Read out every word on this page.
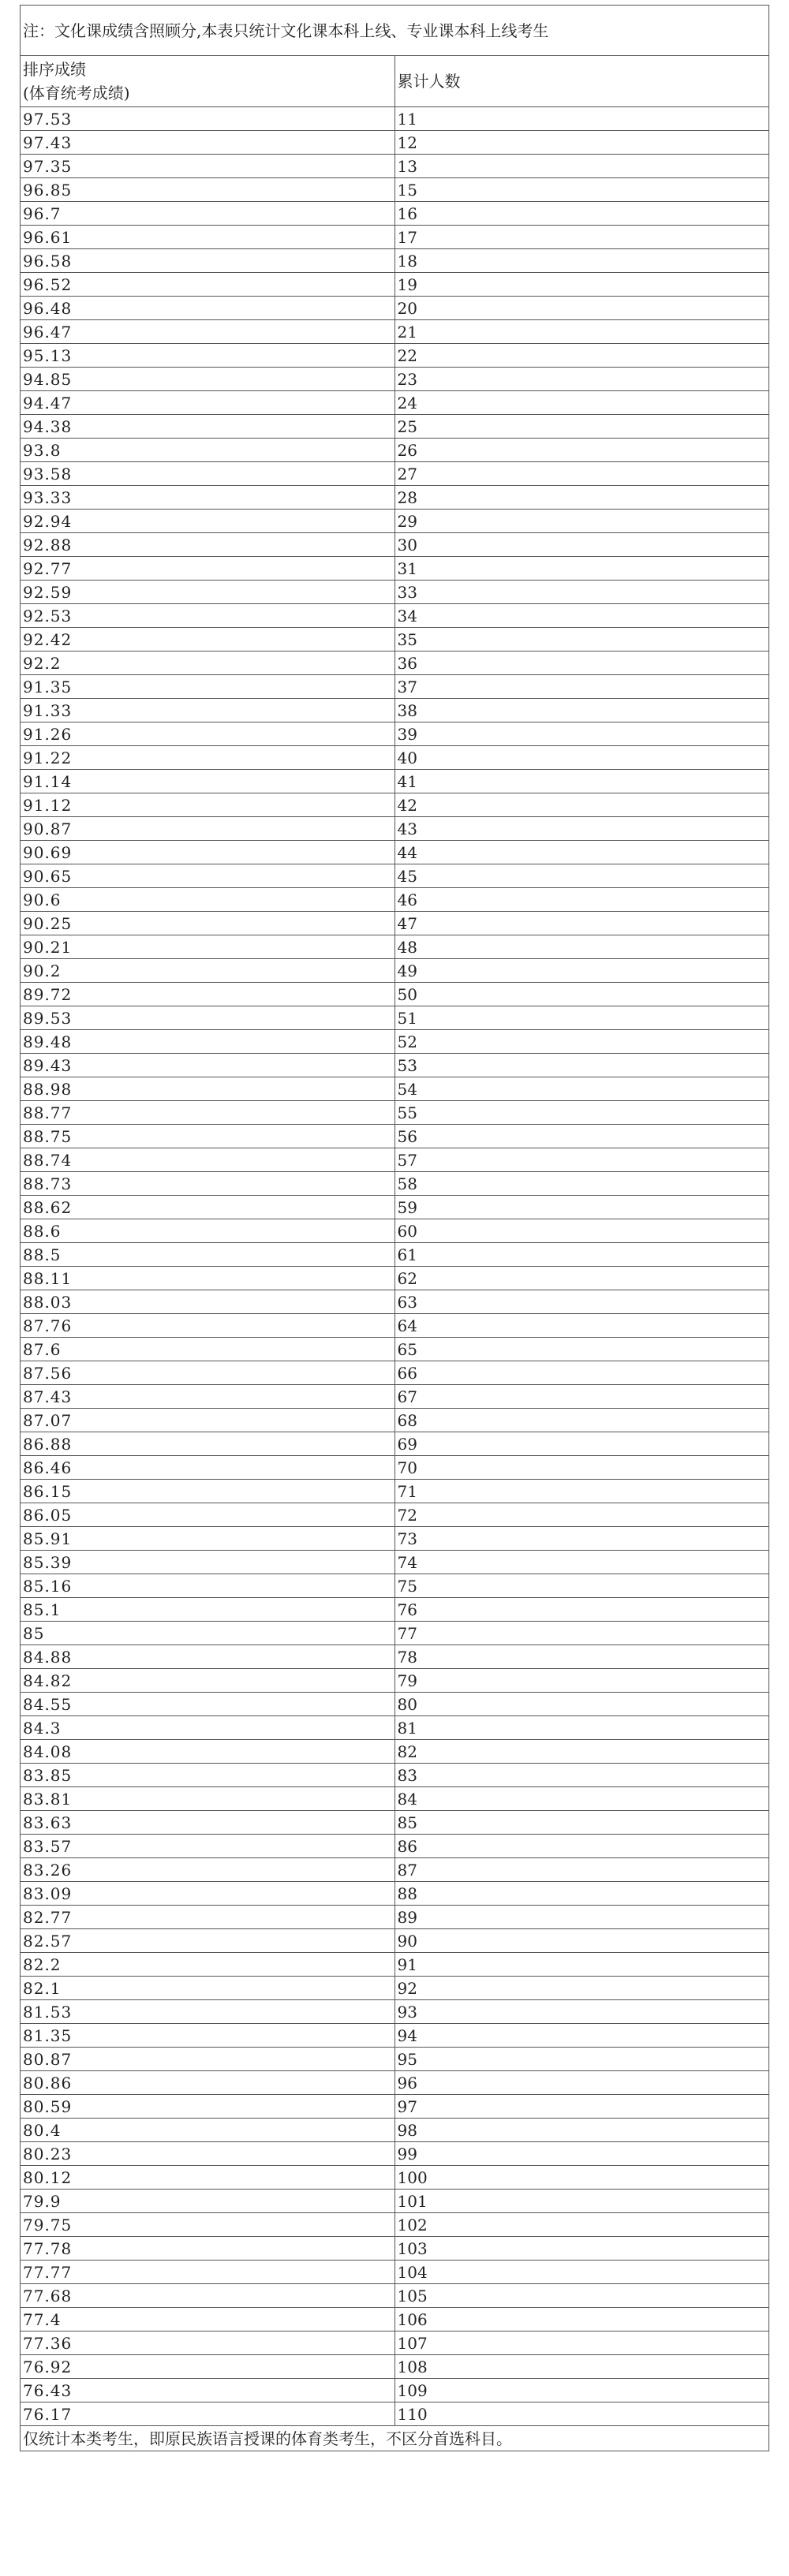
注：文化课成绩含照顾分,本表只统计文化课本科上线、专业课本科上线考生	

排序成绩
(体育统考成绩)	累计人数
97.53	11
97.43	12
97.35	13
96.85	15
96.7	16
96.61	17
96.58	18
96.52	19
96.48	20
96.47	21
95.13	22
94.85	23
94.47	24
94.38	25
93.8	26
93.58	27
93.33	28
92.94	29
92.88	30
92.77	31
92.59	33
92.53	34
92.42	35
92.2	36
91.35	37
91.33	38
91.26	39
91.22	40
91.14	41
91.12	42
90.87	43
90.69	44
90.65	45
90.6	46
90.25	47
90.21	48
90.2	49
89.72	50
89.53	51
89.48	52
89.43	53
88.98	54
88.77	55
88.75	56
88.74	57
88.73	58
88.62	59
88.6	60
88.5	61
88.11	62
88.03	63
87.76	64
87.6	65
87.56	66
87.43	67
87.07	68
86.88	69
86.46	70
86.15	71
86.05	72
85.91	73
85.39	74
85.16	75
85.1	76
85	77
84.88	78
84.82	79
84.55	80
84.3	81
84.08	82
83.85	83
83.81	84
83.63	85
83.57	86
83.26	87
83.09	88
82.77	89
82.57	90
82.2	91
82.1	92
81.53	93
81.35	94
80.87	95
80.86	96
80.59	97
80.4	98
80.23	99
80.12	100
79.9	101
79.75	102
77.78	103
77.77	104
77.68	105
77.4	106
77.36	107
76.92	108
76.43	109
76.17	110
仅统计本类考生，即原民族语言授课的体育类考生，不区分首选科目。	
